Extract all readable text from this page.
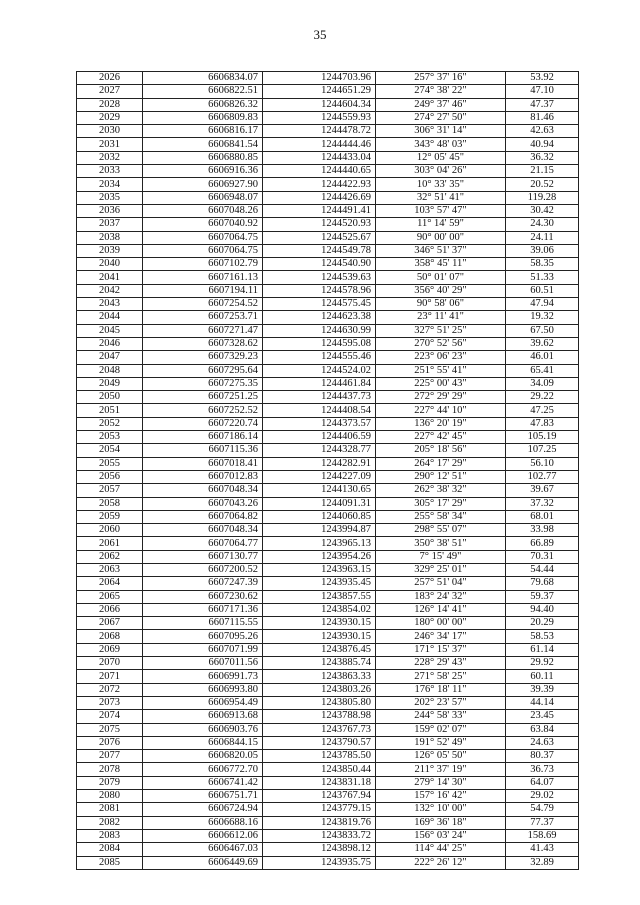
35
2026	6606834.07	1244703.96	257° 37' 16"	53.92
2027	6606822.51	1244651.29	274° 38' 22"	47.10
2028	6606826.32	1244604.34	249° 37' 46"	47.37
2029	6606809.83	1244559.93	274° 27' 50"	81.46
2030	6606816.17	1244478.72	306° 31' 14"	42.63
2031	6606841.54	1244444.46	343° 48' 03"	40.94
2032	6606880.85	1244433.04	12° 05' 45"	36.32
2033	6606916.36	1244440.65	303° 04' 26"	21.15
2034	6606927.90	1244422.93	10° 33' 35"	20.52
2035	6606948.07	1244426.69	32° 51' 41"	119.28
2036	6607048.26	1244491.41	103° 57' 47"	30.42
2037	6607040.92	1244520.93	11° 14' 59"	24.30
2038	6607064.75	1244525.67	90° 00' 00"	24.11
2039	6607064.75	1244549.78	346° 51' 37"	39.06
2040	6607102.79	1244540.90	358° 45' 11"	58.35
2041	6607161.13	1244539.63	50° 01' 07"	51.33
2042	6607194.11	1244578.96	356° 40' 29"	60.51
2043	6607254.52	1244575.45	90° 58' 06"	47.94
2044	6607253.71	1244623.38	23° 11' 41"	19.32
2045	6607271.47	1244630.99	327° 51' 25"	67.50
2046	6607328.62	1244595.08	270° 52' 56"	39.62
2047	6607329.23	1244555.46	223° 06' 23"	46.01
2048	6607295.64	1244524.02	251° 55' 41"	65.41
2049	6607275.35	1244461.84	225° 00' 43"	34.09
2050	6607251.25	1244437.73	272° 29' 29"	29.22
2051	6607252.52	1244408.54	227° 44' 10"	47.25
2052	6607220.74	1244373.57	136° 20' 19"	47.83
2053	6607186.14	1244406.59	227° 42' 45"	105.19
2054	6607115.36	1244328.77	205° 18' 56"	107.25
2055	6607018.41	1244282.91	264° 17' 29"	56.10
2056	6607012.83	1244227.09	290° 12' 51"	102.77
2057	6607048.34	1244130.65	262° 38' 32"	39.67
2058	6607043.26	1244091.31	305° 17' 29"	37.32
2059	6607064.82	1244060.85	255° 58' 34"	68.01
2060	6607048.34	1243994.87	298° 55' 07"	33.98
2061	6607064.77	1243965.13	350° 38' 51"	66.89
2062	6607130.77	1243954.26	7° 15' 49"	70.31
2063	6607200.52	1243963.15	329° 25' 01"	54.44
2064	6607247.39	1243935.45	257° 51' 04"	79.68
2065	6607230.62	1243857.55	183° 24' 32"	59.37
2066	6607171.36	1243854.02	126° 14' 41"	94.40
2067	6607115.55	1243930.15	180° 00' 00"	20.29
2068	6607095.26	1243930.15	246° 34' 17"	58.53
2069	6607071.99	1243876.45	171° 15' 37"	61.14
2070	6607011.56	1243885.74	228° 29' 43"	29.92
2071	6606991.73	1243863.33	271° 58' 25"	60.11
2072	6606993.80	1243803.26	176° 18' 11"	39.39
2073	6606954.49	1243805.80	202° 23' 57"	44.14
2074	6606913.68	1243788.98	244° 58' 33"	23.45
2075	6606903.76	1243767.73	159° 02' 07"	63.84
2076	6606844.15	1243790.57	191° 52' 49"	24.63
2077	6606820.05	1243785.50	126° 05' 50"	80.37
2078	6606772.70	1243850.44	211° 37' 19"	36.73
2079	6606741.42	1243831.18	279° 14' 30"	64.07
2080	6606751.71	1243767.94	157° 16' 42"	29.02
2081	6606724.94	1243779.15	132° 10' 00"	54.79
2082	6606688.16	1243819.76	169° 36' 18"	77.37
2083	6606612.06	1243833.72	156° 03' 24"	158.69
2084	6606467.03	1243898.12	114° 44' 25"	41.43
2085	6606449.69	1243935.75	222° 26' 12"	32.89
